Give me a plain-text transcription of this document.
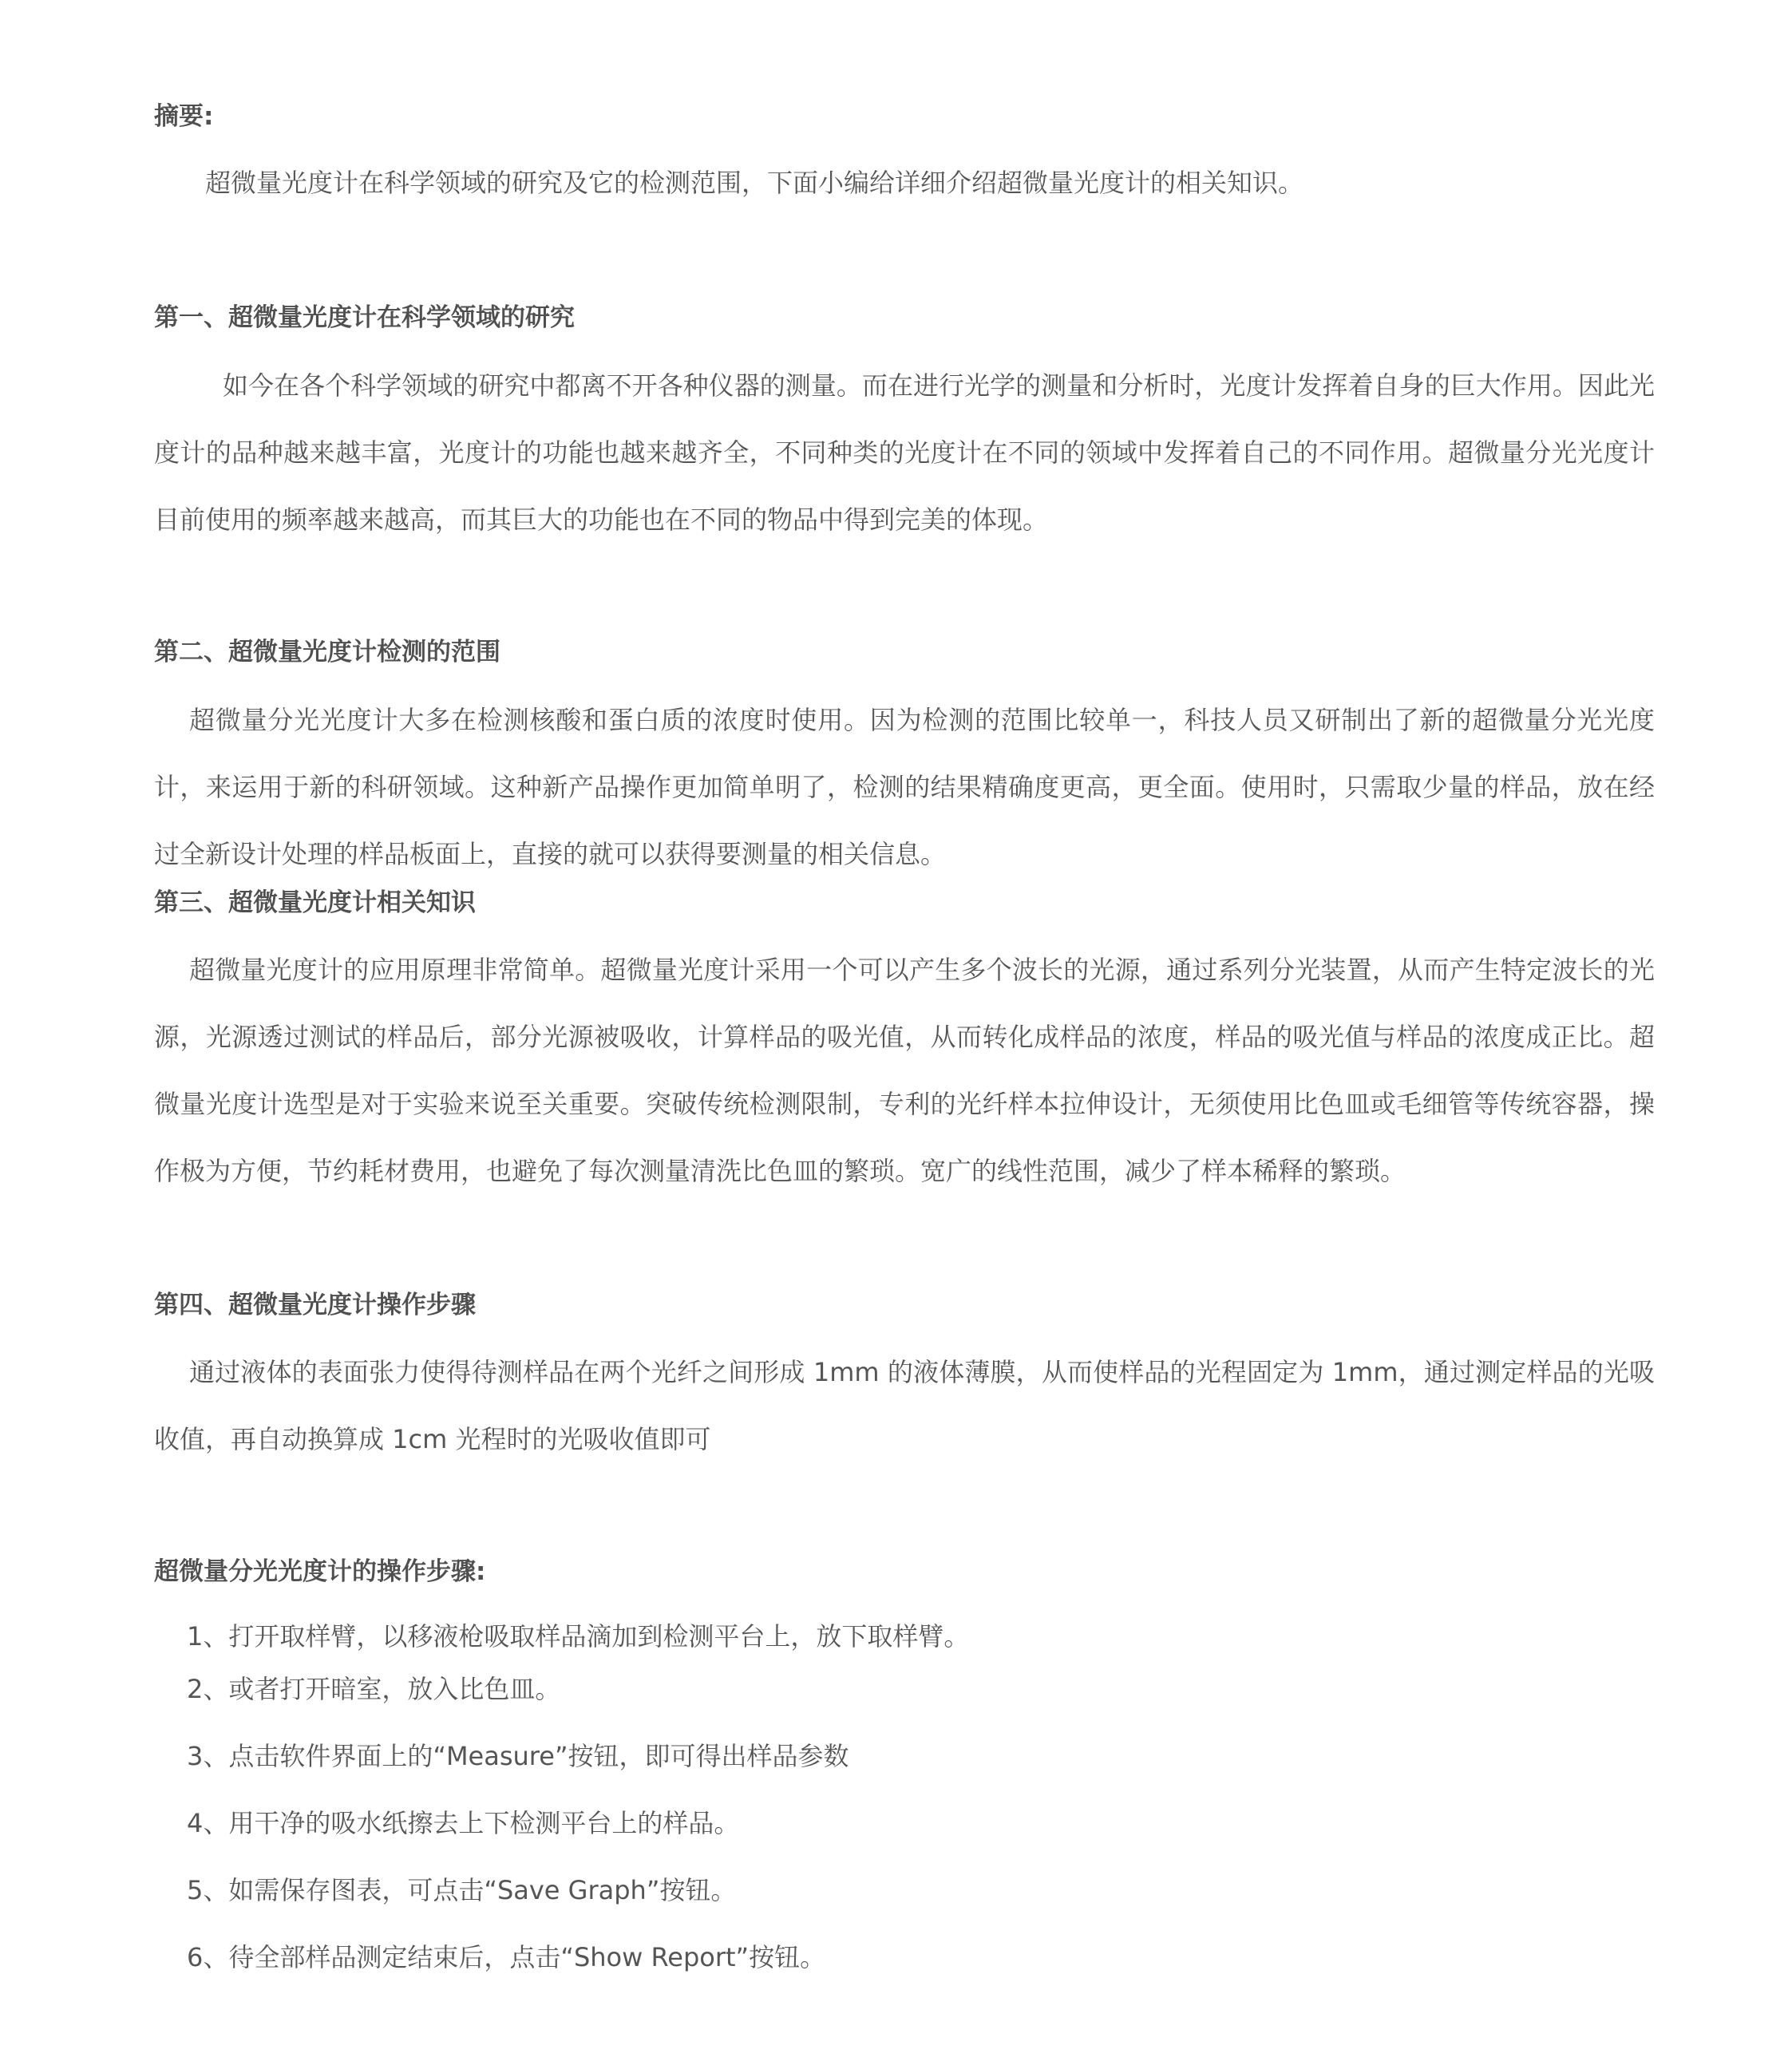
摘要:

超微量光度计在科学领域的研究及它的检测范围，下面小编给详细介绍超微量光度计的相关知识。

第一、超微量光度计在科学领域的研究

如今在各个科学领域的研究中都离不开各种仪器的测量。而在进行光学的测量和分析时，光度计发挥着自身的巨大作用。因此光度计的品种越来越丰富，光度计的功能也越来越齐全，不同种类的光度计在不同的领域中发挥着自己的不同作用。超微量分光光度计目前使用的频率越来越高，而其巨大的功能也在不同的物品中得到完美的体现。

第二、超微量光度计检测的范围

超微量分光光度计大多在检测核酸和蛋白质的浓度时使用。因为检测的范围比较单一，科技人员又研制出了新的超微量分光光度计，来运用于新的科研领域。这种新产品操作更加简单明了，检测的结果精确度更高，更全面。使用时，只需取少量的样品，放在经过全新设计处理的样品板面上，直接的就可以获得要测量的相关信息。

第三、超微量光度计相关知识

超微量光度计的应用原理非常简单。超微量光度计采用一个可以产生多个波长的光源，通过系列分光装置，从而产生特定波长的光源，光源透过测试的样品后，部分光源被吸收，计算样品的吸光值，从而转化成样品的浓度，样品的吸光值与样品的浓度成正比。超微量光度计选型是对于实验来说至关重要。突破传统检测限制，专利的光纤样本拉伸设计，无须使用比色皿或毛细管等传统容器，操作极为方便，节约耗材费用，也避免了每次测量清洗比色皿的繁琐。宽广的线性范围，减少了样本稀释的繁琐。

第四、超微量光度计操作步骤

通过液体的表面张力使得待测样品在两个光纤之间形成 1mm 的液体薄膜，从而使样品的光程固定为 1mm，通过测定样品的光吸收值，再自动换算成 1cm 光程时的光吸收值即可

超微量分光光度计的操作步骤:
1、打开取样臂，以移液枪吸取样品滴加到检测平台上，放下取样臂。
2、或者打开暗室，放入比色皿。
3、点击软件界面上的“Measure”按钮，即可得出样品参数
4、用干净的吸水纸擦去上下检测平台上的样品。
5、如需保存图表，可点击“Save Graph”按钮。
6、待全部样品测定结束后，点击“Show Report”按钮。
